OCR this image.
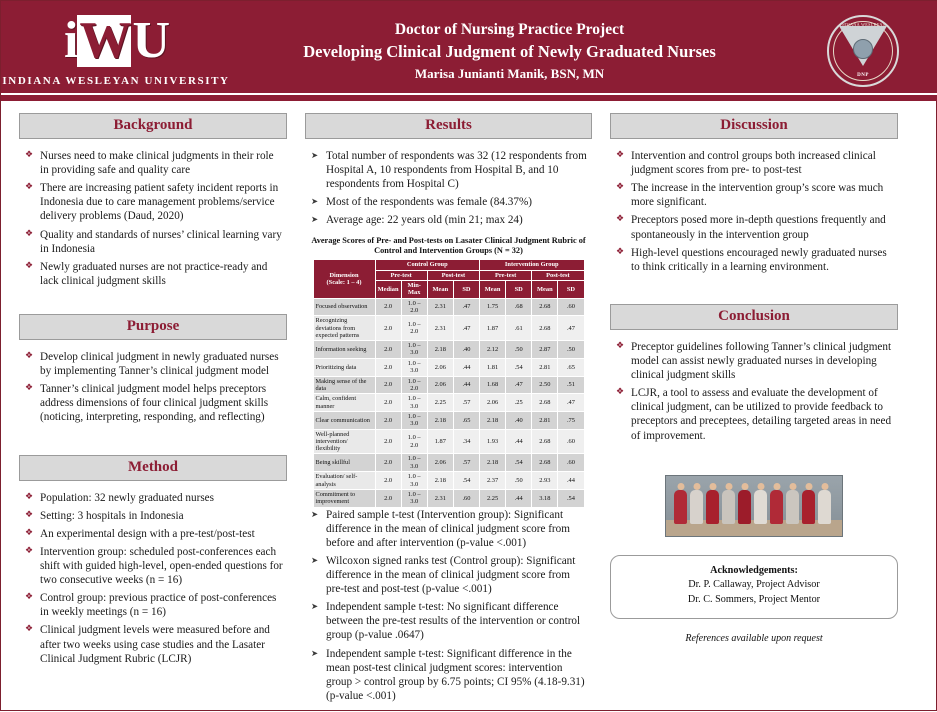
iWU
INDIANA WESLEYAN UNIVERSITY
Doctor of Nursing Practice Project
Developing Clinical Judgment of Newly Graduated Nurses
Marisa Junianti Manik, BSN, MN
INDIANA WESLEYAN UNIVERSITY
DNP
Background
❖ Nurses need to make clinical judgments in their role in providing safe and quality care
❖ There are increasing patient safety incident reports in Indonesia due to care management problems/service delivery problems (Daud, 2020)
❖ Quality and standards of nurses’ clinical learning vary in Indonesia
❖ Newly graduated nurses are not practice-ready and lack clinical judgment skills
Purpose
❖ Develop clinical judgment in newly graduated nurses by implementing Tanner’s clinical judgment model
❖ Tanner’s clinical judgment model helps preceptors address dimensions of four clinical judgment skills (noticing, interpreting, responding, and reflecting)
Method
❖ Population: 32 newly graduated nurses
❖ Setting: 3 hospitals in Indonesia
❖ An experimental design with a pre-test/post-test
❖ Intervention group: scheduled post-conferences each shift with guided high-level, open-ended questions for two consecutive weeks (n = 16)
❖ Control group: previous practice of post-conferences in weekly meetings (n = 16)
❖ Clinical judgment levels were measured before and after two weeks using case studies and the Lasater Clinical Judgment Rubric (LCJR)
Results
➤ Total number of respondents was 32 (12 respondents from Hospital A, 10 respondents from Hospital B, and 10 respondents from Hospital C)
➤ Most of the respondents was female (84.37%)
➤ Average age: 22 years old (min 21; max 24)
Average Scores of Pre- and Post-tests on Lasater Clinical Judgment Rubric of Control and Intervention Groups (N = 32)
Dimension
(Scale: 1 – 4)	Control Group				Intervention Group			
	Pre-test		Post-test		Pre-test		Post-test	
	Median	Min-Max	Mean	SD	Mean	SD	Mean	SD
Focused observation	2.0	1.0 – 2.0	2.31	.47	1.75	.68	2.68	.60
Recognizing deviations from expected patterns	2.0	1.0 – 2.0	2.31	.47	1.87	.61	2.68	.47
Information seeking	2.0	1.0 – 3.0	2.18	.40	2.12	.50	2.87	.50
Prioritizing data	2.0	1.0 – 3.0	2.06	.44	1.81	.54	2.81	.65
Making sense of the data	2.0	1.0 – 2.0	2.06	.44	1.68	.47	2.50	.51
Calm, confident manner	2.0	1.0 – 3.0	2.25	.57	2.06	.25	2.68	.47
Clear communication	2.0	1.0 – 3.0	2.18	.65	2.18	.40	2.81	.75
Well-planned intervention/ flexibility	2.0	1.0 – 2.0	1.87	.34	1.93	.44	2.68	.60
Being skillful	2.0	1.0 – 3.0	2.06	.57	2.18	.54	2.68	.60
Evaluation/ self-analysis	2.0	1.0 – 3.0	2.18	.54	2.37	.50	2.93	.44
Commitment to improvement	2.0	1.0 – 3.0	2.31	.60	2.25	.44	3.18	.54
➤ Paired sample t-test (Intervention group): Significant difference in the mean of clinical judgment score from before and after intervention (p-value <.001)
➤ Wilcoxon signed ranks test (Control group): Significant difference in the mean of clinical judgment score from pre-test and post-test (p-value <.001)
➤ Independent sample t-test: No significant difference between the pre-test results of the intervention or control group (p-value .0647)
➤ Independent sample t-test: Significant difference in the mean post-test clinical judgment scores: intervention group > control group by 6.75 points; CI 95% (4.18-9.31) (p-value <.001)
Discussion
❖ Intervention and control groups both increased clinical judgment scores from pre- to post-test
❖ The increase in the intervention group’s score was much more significant.
❖ Preceptors posed more in-depth questions frequently and spontaneously in the intervention group
❖ High-level questions encouraged newly graduated nurses to think critically in a learning environment.
Conclusion
❖ Preceptor guidelines following Tanner’s clinical judgment model can assist newly graduated nurses in developing clinical judgment skills
❖ LCJR, a tool to assess and evaluate the development of clinical judgment, can be utilized to provide feedback to preceptors and preceptees, detailing targeted areas in need of improvement.
Acknowledgements:
Dr. P. Callaway, Project Advisor
Dr. C. Sommers, Project Mentor
References available upon request
